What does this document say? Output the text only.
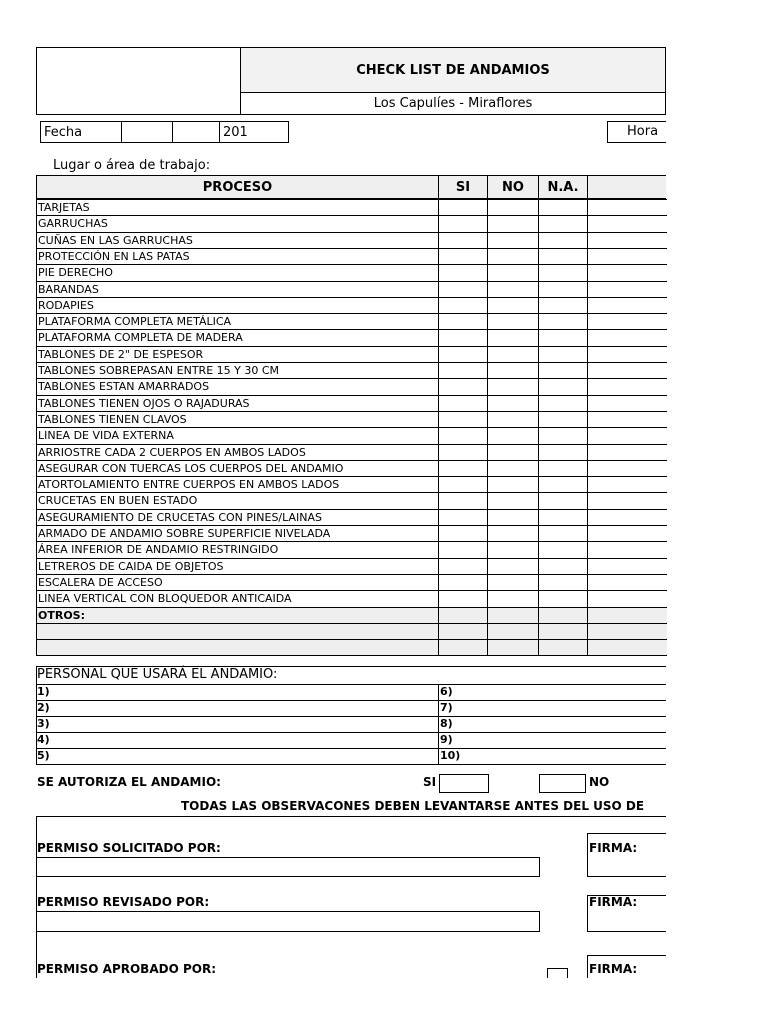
CHECK LIST DE ANDAMIOS
Los Capulíes - Miraflores
Fecha	201	Hora
Lugar o área de trabajo:
PROCESO	SI	NO	N.A.
TARJETAS
GARRUCHAS
CUÑAS EN LAS GARRUCHAS
PROTECCIÓN EN LAS PATAS
PIE DERECHO
BARANDAS
RODAPIES
PLATAFORMA COMPLETA METÁLICA
PLATAFORMA COMPLETA DE MADERA
TABLONES DE 2" DE ESPESOR
TABLONES SOBREPASAN ENTRE 15 Y 30 CM
TABLONES ESTAN AMARRADOS
TABLONES TIENEN OJOS O RAJADURAS
TABLONES TIENEN CLAVOS
LINEA DE VIDA EXTERNA
ARRIOSTRE CADA 2 CUERPOS EN AMBOS LADOS
ASEGURAR CON TUERCAS LOS CUERPOS DEL ANDAMIO
ATORTOLAMIENTO ENTRE CUERPOS EN AMBOS LADOS
CRUCETAS EN BUEN ESTADO
ASEGURAMIENTO DE CRUCETAS CON PINES/LAINAS
ARMADO DE ANDAMIO SOBRE SUPERFICIE NIVELADA
ÁREA INFERIOR DE ANDAMIO RESTRINGIDO
LETREROS DE CAIDA DE OBJETOS
ESCALERA DE ACCESO
LINEA VERTICAL CON BLOQUEDOR ANTICAIDA
OTROS:
PERSONAL QUE USARÁ EL ANDAMIO:
1)	6)
2)	7)
3)	8)
4)	9)
5)	10)
SE AUTORIZA EL ANDAMIO:	SI	NO
TODAS LAS OBSERVACONES DEBEN LEVANTARSE ANTES DEL USO DE
PERMISO SOLICITADO POR:	FIRMA:
PERMISO REVISADO POR:	FIRMA:
PERMISO APROBADO POR:	FIRMA:
